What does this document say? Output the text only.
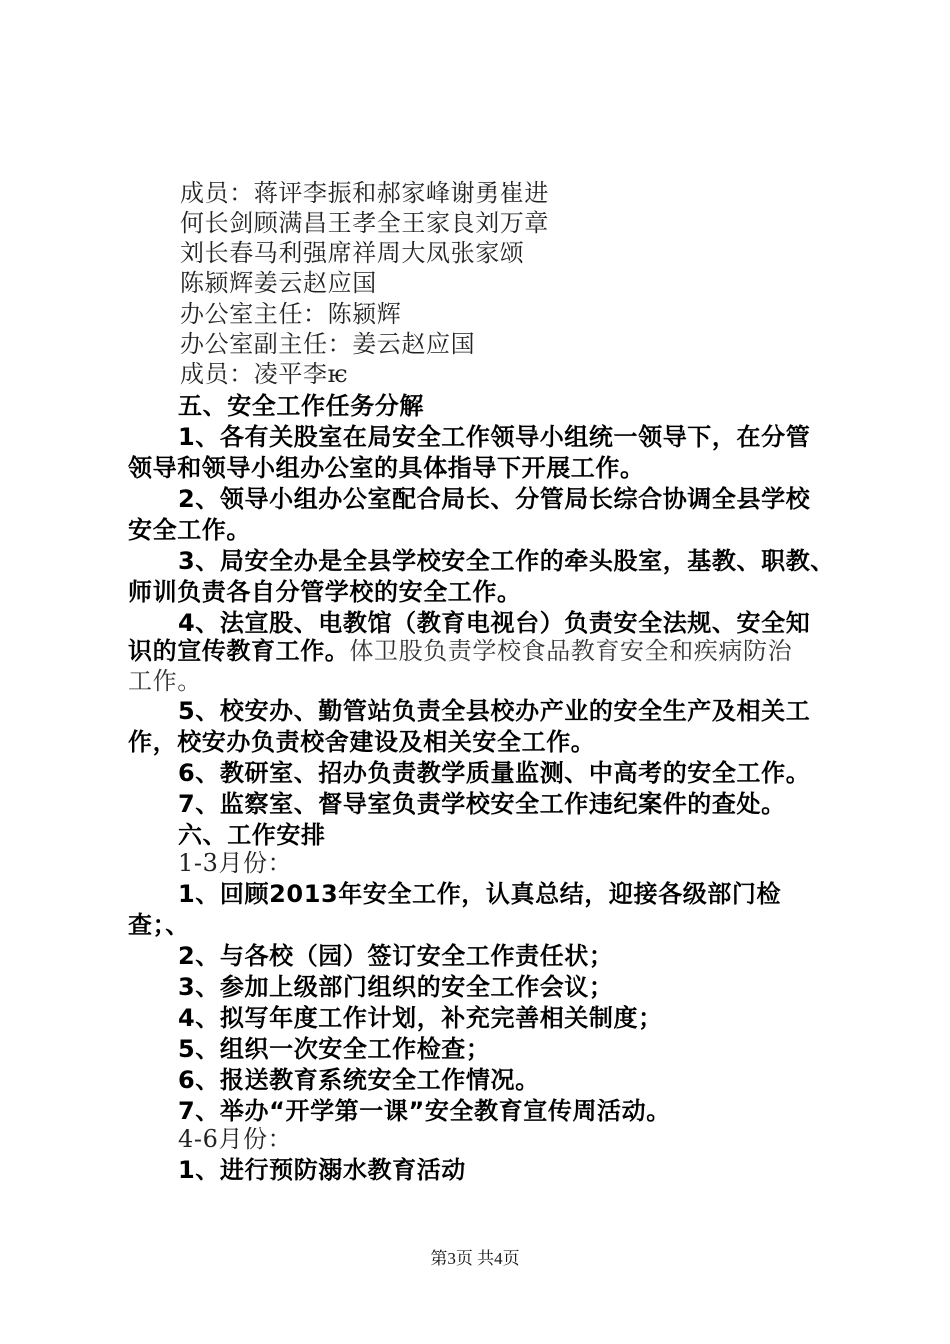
成员：蒋评李振和郝家峰谢勇崔进
何长剑顾满昌王孝全王家良刘万章
刘长春马利强席祥周大凤张家颂
陈颍辉姜云赵应国
办公室主任：陈颍辉
办公室副主任：姜云赵应国
成员：凌平李ѥ
五、安全工作任务分解
1、各有关股室在局安全工作领导小组统一领导下，在分管
领导和领导小组办公室的具体指导下开展工作。
2、领导小组办公室配合局长、分管局长综合协调全县学校
安全工作。
3、局安全办是全县学校安全工作的牵头股室，基教、职教、
师训负责各自分管学校的安全工作。
4、法宣股、电教馆（教育电视台）负责安全法规、安全知
识的宣传教育工作。体卫股负责学校食品教育安全和疾病防治
工作。
5、校安办、勤管站负责全县校办产业的安全生产及相关工
作，校安办负责校舍建设及相关安全工作。
6、教研室、招办负责教学质量监测、中高考的安全工作。
7、监察室、督导室负责学校安全工作违纪案件的查处。
六、工作安排
1-3月份：
1、回顾2013年安全工作，认真总结，迎接各级部门检
查；、
2、与各校（园）签订安全工作责任状；
3、参加上级部门组织的安全工作会议；
4、拟写年度工作计划，补充完善相关制度；
5、组织一次安全工作检查；
6、报送教育系统安全工作情况。
7、举办“开学第一课”安全教育宣传周活动。
4-6月份：
1、进行预防溺水教育活动
第3页 共4页
